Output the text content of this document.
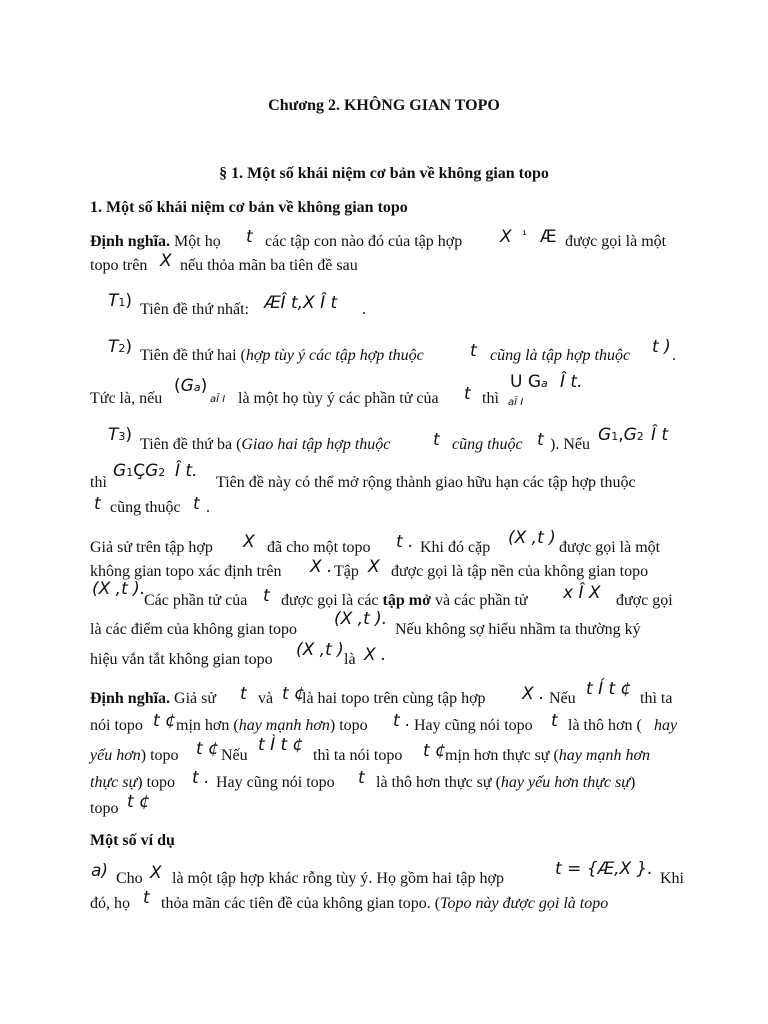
Chương 2. KHÔNG GIAN TOPO
§ 1. Một số khái niệm cơ bản về không gian topo
1. Một số khái niệm cơ bản về không gian topo
Định nghĩa. Một họ t các tập con nào đó của tập hợp X ¹ Æ được gọi là một
topo trên X nếu thỏa mãn ba tiên đề sau
T1) Tiên đề thứ nhất: ÆÎ t,X Î t .
T2) Tiên đề thứ hai (hợp tùy ý các tập hợp thuộc	t cũng là tập hợp thuộc t ) .
Tức là, nếu
(Ga)
aÎ I là một họ tùy ý các phần tử của t thì
U Ga Î t.
aÎ I
T3) Tiên đề thứ ba (Giao hai tập hợp thuộc	t cũng thuộc t ). Nếu G1,G2 Î t
thì
G1ÇG2 Î t.
Tiên đề này có thể mở rộng thành giao hữu hạn các tập hợp thuộc
t cũng thuộc t .
Giả sử trên tập hợp X đã cho một topo t . Khi đó cặp (X ,t ) được gọi là một
không gian topo xác định trên X . Tập X được gọi là tập nền của không gian topo
(X ,t ).
Các phần tử của t được gọi là các tập mở và các phần tử x Î X được gọi
là các điểm của không gian topo
(X ,t ).
Nếu không sợ hiểu nhầm ta thường ký
hiệu vắn tắt không gian topo (X ,t ) là X .
Định nghĩa. Giả sử t và t ¢
là hai topo trên cùng tập hợp X . Nếu t Í t ¢ thì ta
nói topo t ¢ mịn hơn (hay mạnh hơn) topo t . Hay cũng nói topo t là thô hơn ( hay
yếu hơn) topo t ¢ Nếu
t Ì t ¢
thì ta nói topo t ¢ mịn hơn thực sự (hay mạnh hơn
thực sự) topo t . Hay cũng nói topo t là thô hơn thực sự (hay yếu hơn thực sự)
topo t ¢
Một số ví dụ
a) Cho X là một tập hợp khác rỗng tùy ý. Họ gồm hai tập hợp	t = {Æ,X }. Khi
đó, họ t thỏa mãn các tiên đề của không gian topo. (Topo này được gọi là topo
